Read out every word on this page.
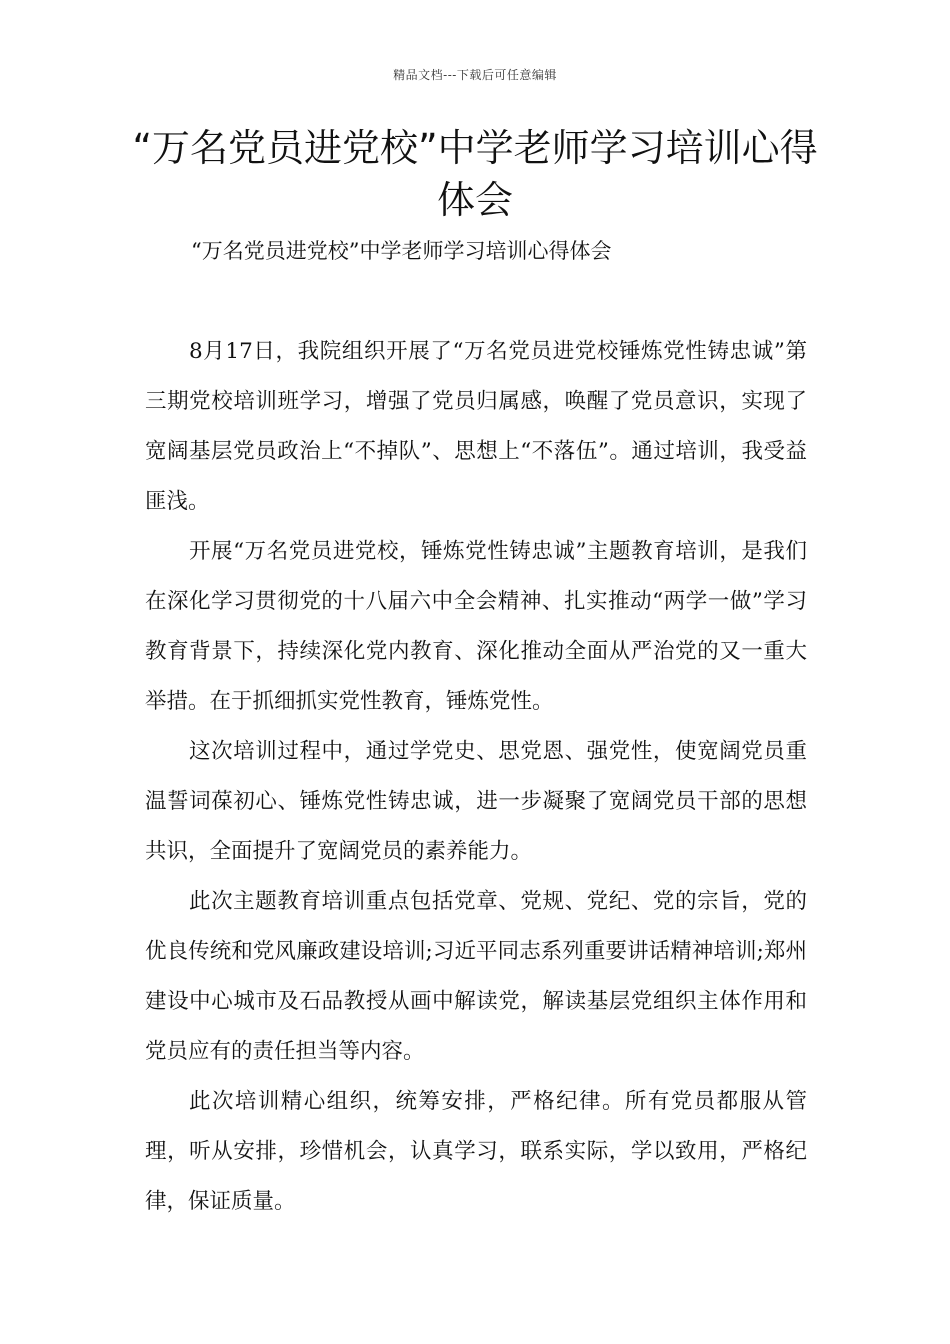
精品文档---下载后可任意编辑
“万名党员进党校”中学老师学习培训心得体会
“万名党员进党校”中学老师学习培训心得体会

8月17日，我院组织开展了“万名党员进党校锤炼党性铸忠诚”第三期党校培训班学习，增强了党员归属感，唤醒了党员意识，实现了宽阔基层党员政治上“不掉队”、思想上“不落伍”。通过培训，我受益匪浅。

开展“万名党员进党校，锤炼党性铸忠诚”主题教育培训，是我们在深化学习贯彻党的十八届六中全会精神、扎实推动“两学一做”学习教育背景下，持续深化党内教育、深化推动全面从严治党的又一重大举措。在于抓细抓实党性教育，锤炼党性。

这次培训过程中，通过学党史、思党恩、强党性，使宽阔党员重温誓词葆初心、锤炼党性铸忠诚，进一步凝聚了宽阔党员干部的思想共识，全面提升了宽阔党员的素养能力。

此次主题教育培训重点包括党章、党规、党纪、党的宗旨，党的优良传统和党风廉政建设培训;习近平同志系列重要讲话精神培训;郑州建设中心城市及石品教授从画中解读党，解读基层党组织主体作用和党员应有的责任担当等内容。

此次培训精心组织，统筹安排，严格纪律。所有党员都服从管理，听从安排，珍惜机会，认真学习，联系实际，学以致用，严格纪律，保证质量。
